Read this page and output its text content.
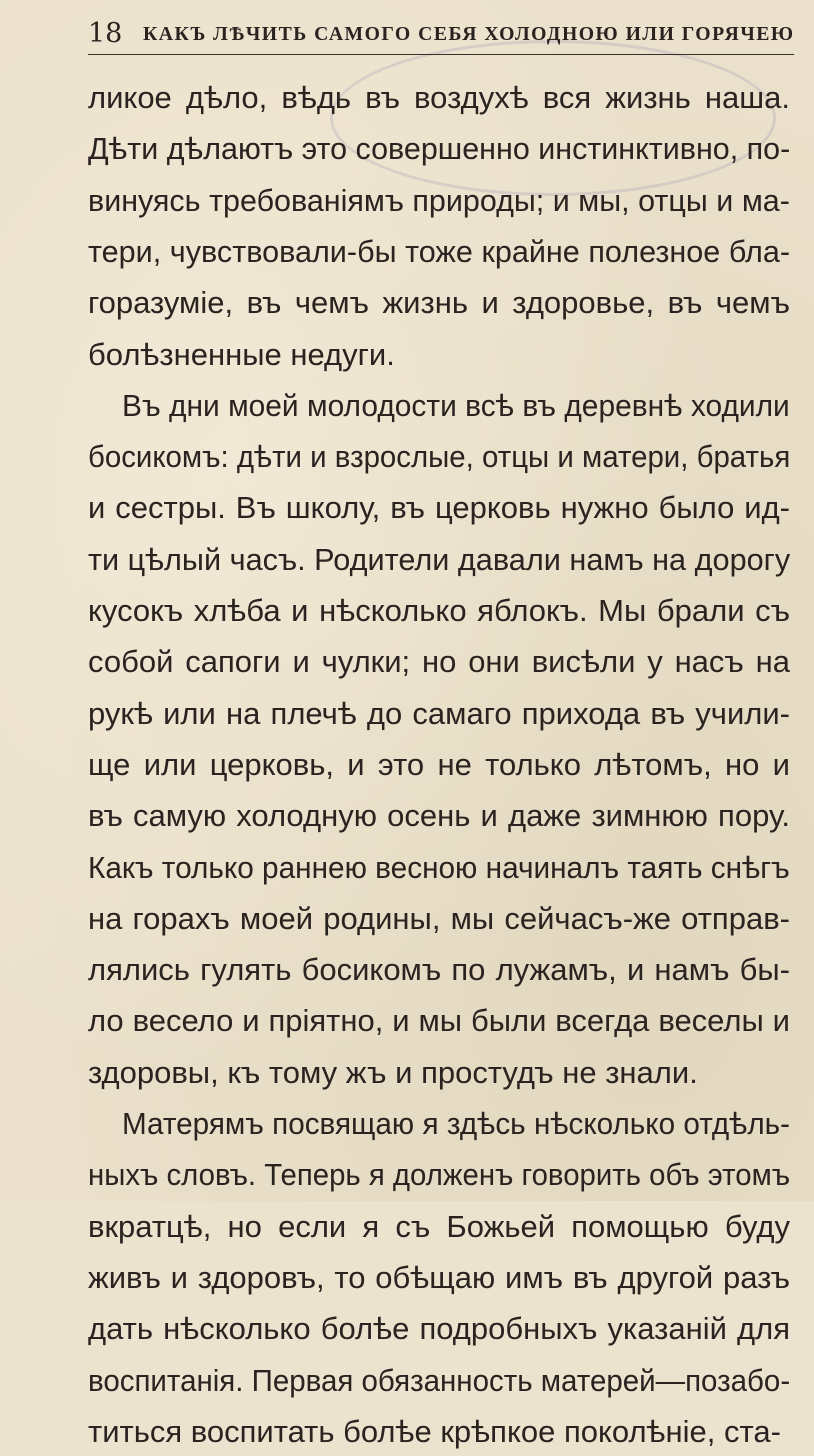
18 КАКЪ ЛѢЧИТЬ САМОГО СЕБЯ ХОЛОДНОЮ ИЛИ ГОРЯЧЕЮ
ликое дѣло, вѣдь въ воздухѣ вся жизнь наша.
Дѣти дѣлаютъ это совершенно инстинктивно, по-
винуясь требованiямъ природы; и мы, отцы и ма-
тери, чувствовали-бы тоже крайне полезное бла-
горазумiе, въ чемъ жизнь и здоровье, въ чемъ
болѣзненные недуги.
Въ дни моей молодости всѣ въ деревнѣ ходили
босикомъ: дѣти и взрослые, отцы и матери, братья
и сестры. Въ школу, въ церковь нужно было ид-
ти цѣлый часъ. Родители давали намъ на дорогу
кусокъ хлѣба и нѣсколько яблокъ. Мы брали съ
собой сапоги и чулки; но они висѣли у насъ на
рукѣ или на плечѣ до самаго прихода въ учили-
ще или церковь, и это не только лѣтомъ, но и
въ самую холодную осень и даже зимнюю пору.
Какъ только раннею весною начиналъ таять снѣгъ
на горахъ моей родины, мы сейчасъ-же отправ-
лялись гулять босикомъ по лужамъ, и намъ бы-
ло весело и прiятно, и мы были всегда веселы и
здоровы, къ тому жъ и простудъ не знали.
Матерямъ посвящаю я здѣсь нѣсколько отдѣль-
ныхъ словъ. Теперь я долженъ говорить объ этомъ
вкратцѣ, но если я съ Божьей помощью буду
живъ и здоровъ, то обѣщаю имъ въ другой разъ
дать нѣсколько болѣе подробныхъ указанiй для
воспитанiя. Первая обязанность матерей—позабо-
титься воспитать болѣе крѣпкое поколѣнiе, ста-
